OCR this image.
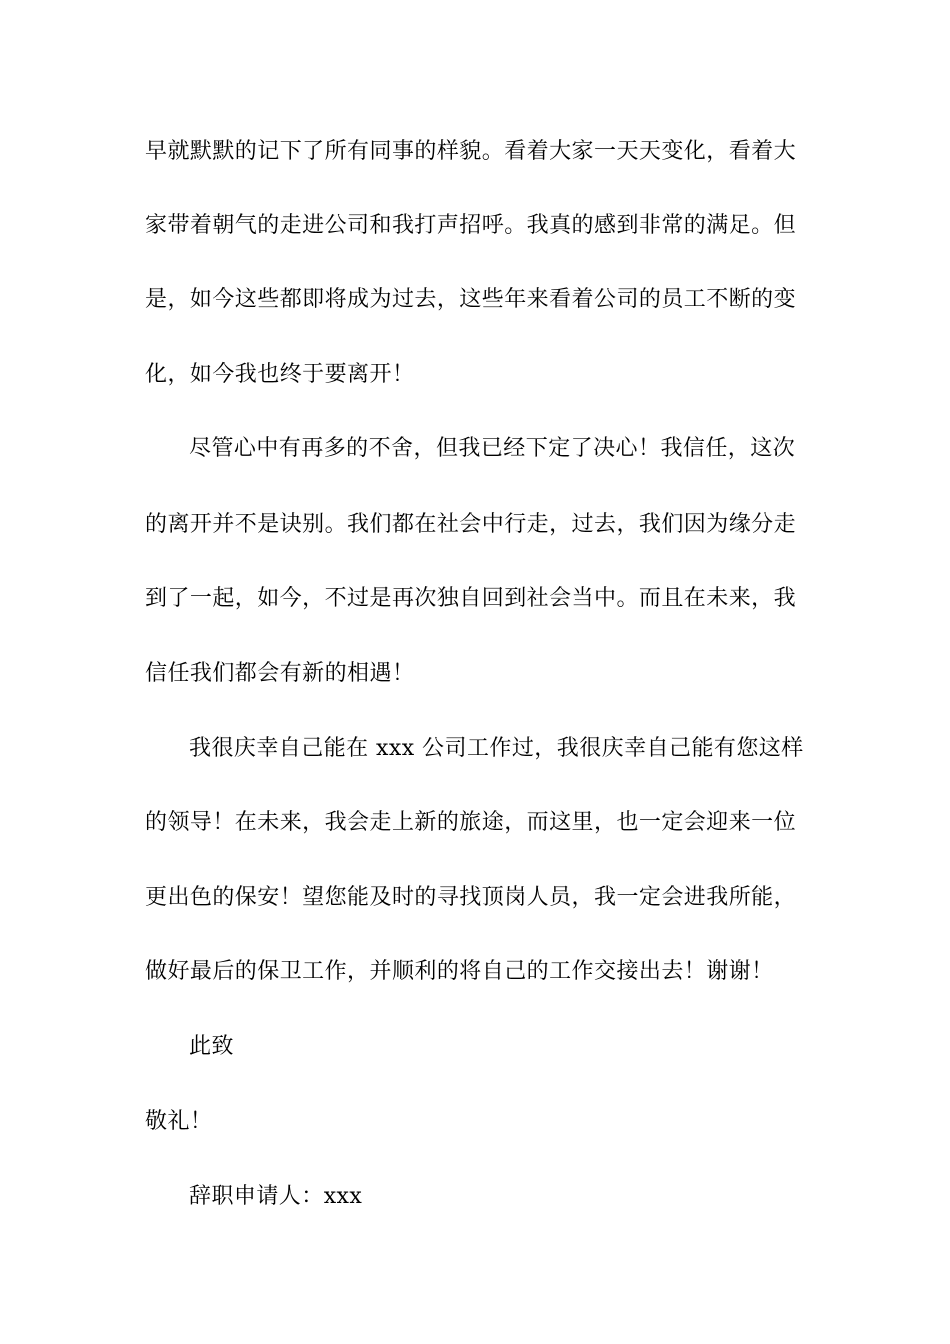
早就默默的记下了所有同事的样貌。看着大家一天天变化，看着大
家带着朝气的走进公司和我打声招呼。我真的感到非常的满足。但
是，如今这些都即将成为过去，这些年来看着公司的员工不断的变
化，如今我也终于要离开！
尽管心中有再多的不舍，但我已经下定了决心！我信任，这次
的离开并不是诀别。我们都在社会中行走，过去，我们因为缘分走
到了一起，如今，不过是再次独自回到社会当中。而且在未来，我
信任我们都会有新的相遇！
我很庆幸自己能在 xxx 公司工作过，我很庆幸自己能有您这样
的领导！在未来，我会走上新的旅途，而这里，也一定会迎来一位
更出色的保安！望您能及时的寻找顶岗人员，我一定会进我所能，
做好最后的保卫工作，并顺利的将自己的工作交接出去！谢谢！
此致
敬礼！
辞职申请人：xxx
